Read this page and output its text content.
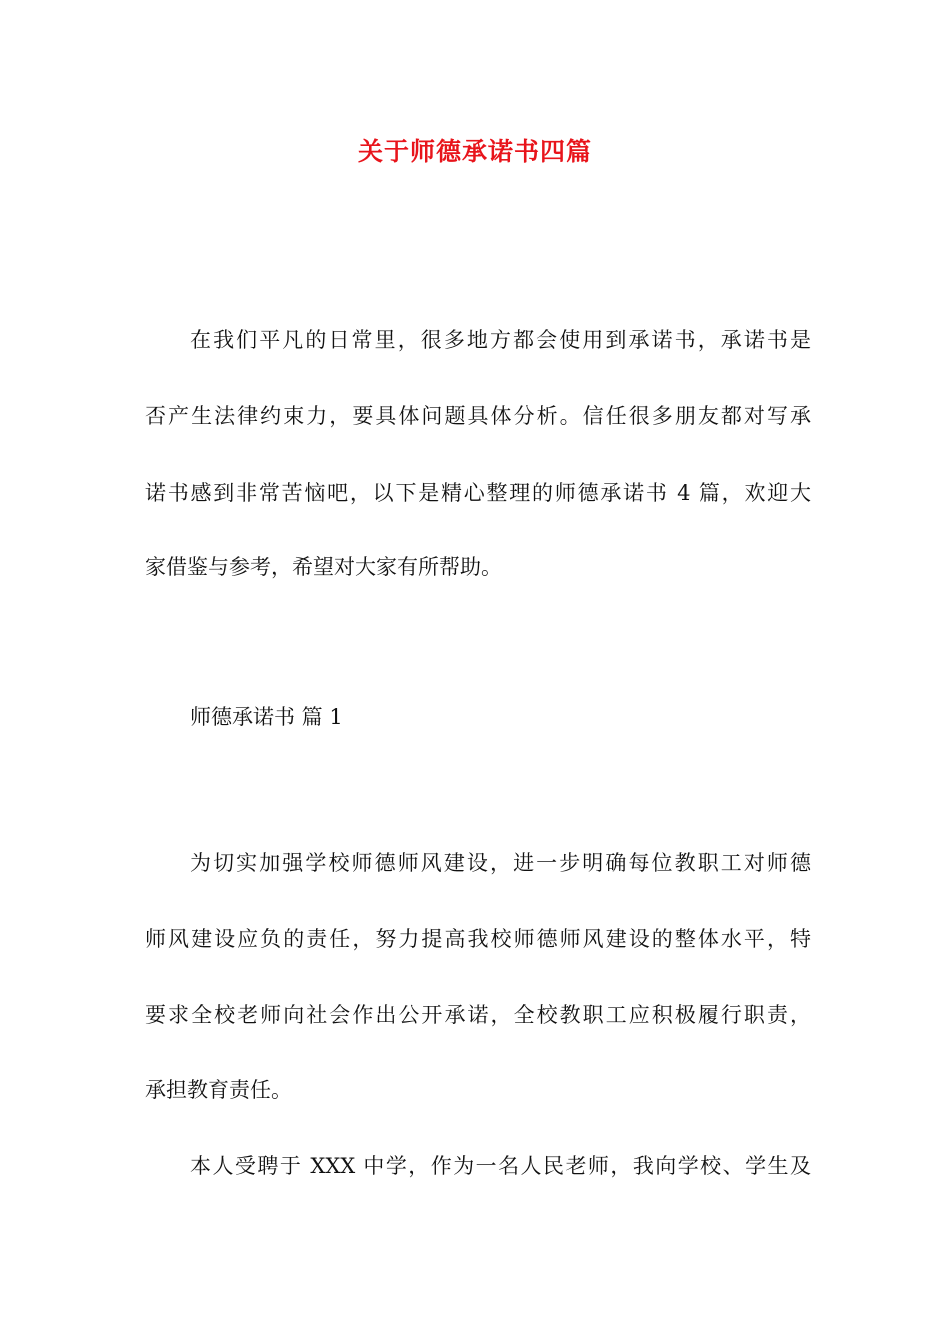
关于师德承诺书四篇
在我们平凡的日常里，很多地方都会使用到承诺书，承诺书是
否产生法律约束力，要具体问题具体分析。信任很多朋友都对写承
诺书感到非常苦恼吧，以下是精心整理的师德承诺书 4 篇，欢迎大
家借鉴与参考，希望对大家有所帮助。
师德承诺书 篇 1
为切实加强学校师德师风建设，进一步明确每位教职工对师德
师风建设应负的责任，努力提高我校师德师风建设的整体水平，特
要求全校老师向社会作出公开承诺，全校教职工应积极履行职责，
承担教育责任。
本人受聘于 XXX 中学，作为一名人民老师，我向学校、学生及
